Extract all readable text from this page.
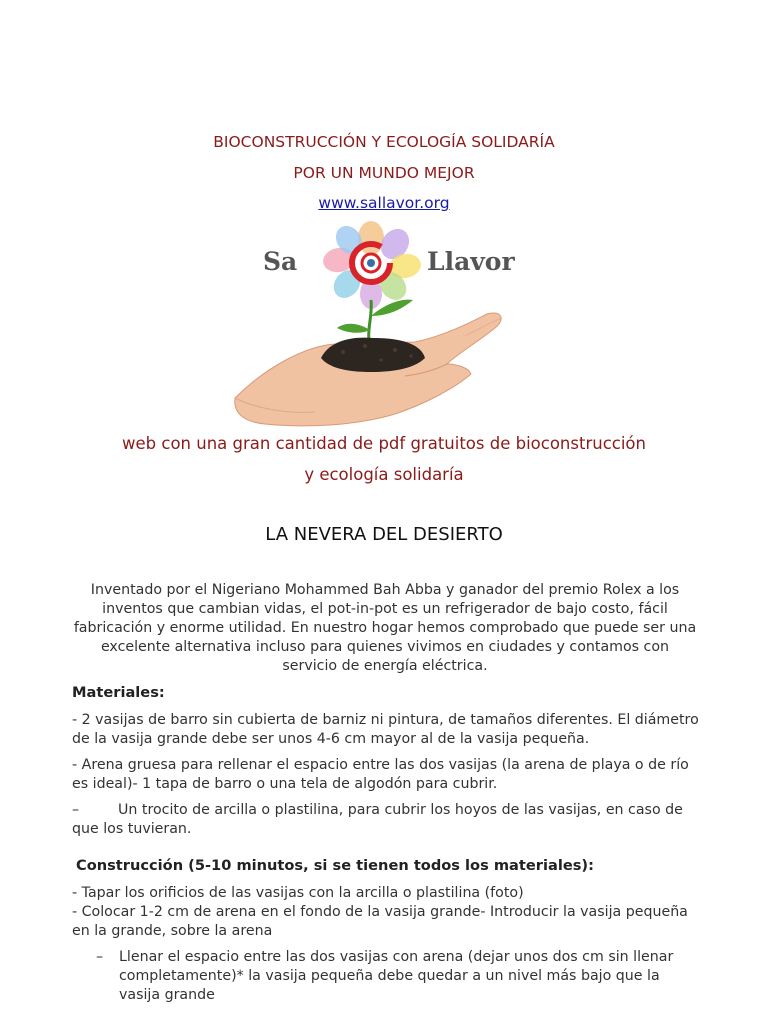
BIOCONSTRUCCIÓN Y ECOLOGÍA SOLIDARÍA
POR UN MUNDO MEJOR
www.sallavor.org
Sa	Llavor
web con una gran cantidad de pdf gratuitos de bioconstrucción
y ecología solidaría
LA NEVERA DEL DESIERTO
Inventado por el Nigeriano Mohammed Bah Abba y ganador del premio Rolex a los inventos que cambian vidas, el pot-in-pot es un refrigerador de bajo costo, fácil fabricación y enorme utilidad. En nuestro hogar hemos comprobado que puede ser una excelente alternativa incluso para quienes vivimos en ciudades y contamos con servicio de energía eléctrica.
Materiales:
- 2 vasijas de barro sin cubierta de barniz ni pintura, de tamaños diferentes. El diámetro de la vasija grande debe ser unos 4-6 cm mayor al de la vasija pequeña.
- Arena gruesa para rellenar el espacio entre las dos vasijas (la arena de playa o de río es ideal)- 1 tapa de barro o una tela de algodón para cubrir.
–	Un trocito de arcilla o plastilina, para cubrir los hoyos de las vasijas, en caso de que los tuvieran.
Construcción (5-10 minutos, si se tienen todos los materiales):
- Tapar los orificios de las vasijas con la arcilla o plastilina (foto)
- Colocar 1-2 cm de arena en el fondo de la vasija grande- Introducir la vasija pequeña en la grande, sobre la arena
– Llenar el espacio entre las dos vasijas con arena (dejar unos dos cm sin llenar completamente)* la vasija pequeña debe quedar a un nivel más bajo que la vasija grande
